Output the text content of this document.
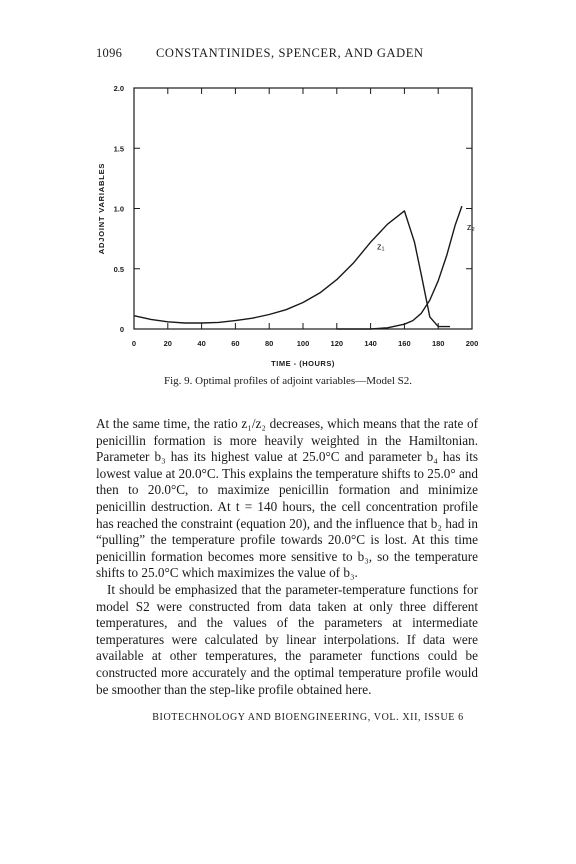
1096	CONSTANTINIDES, SPENCER, AND GADEN
0	20	40	60	80	100	120	140	160	180	200
0
0.5
1.0
1.5
2.0
z₁
z₂
TIME - (HOURS)
ADJOINT VARIABLES
Fig. 9. Optimal profiles of adjoint variables—Model S2.

At the same time, the ratio z₁/z₂ decreases, which means that the rate of penicillin formation is more heavily weighted in the Hamiltonian. Parameter b₃ has its highest value at 25.0°C and parameter b₄ has its lowest value at 20.0°C. This explains the temperature shifts to 25.0° and then to 20.0°C, to maximize penicillin formation and minimize penicillin destruction. At t = 140 hours, the cell concentration profile has reached the constraint (equation 20), and the influence that b₂ had in “pulling” the temperature profile towards 20.0°C is lost. At this time penicillin formation becomes more sensitive to b₃, so the temperature shifts to 25.0°C which maximizes the value of b₃.

It should be emphasized that the parameter-temperature functions for model S2 were constructed from data taken at only three different temperatures, and the values of the parameters at intermediate temperatures were calculated by linear interpolations. If data were available at other temperatures, the parameter functions could be constructed more accurately and the optimal temperature profile would be smoother than the step-like profile obtained here.

BIOTECHNOLOGY AND BIOENGINEERING, VOL. XII, ISSUE 6
